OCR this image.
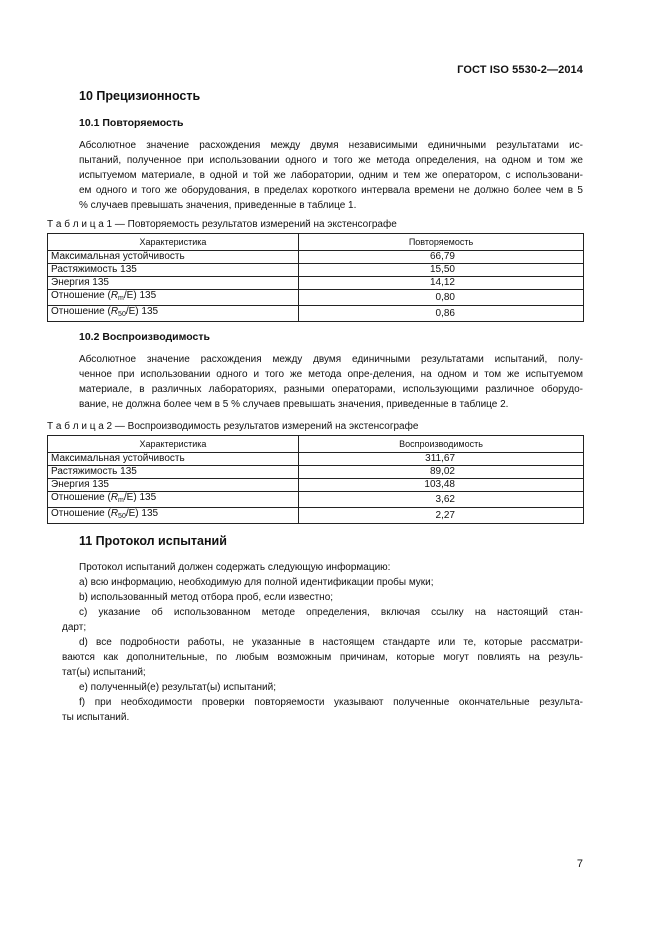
ГОСТ ISO 5530-2—2014
10 Прецизионность
10.1 Повторяемость
Абсолютное значение расхождения между двумя независимыми единичными результатами ис-
пытаний, полученное при использовании одного и того же метода определения, на одном и том же
испытуемом материале, в одной и той же лаборатории, одним и тем же оператором, с использовани-
ем одного и того же оборудования, в пределах короткого интервала времени не должно более чем в 5
% случаев превышать значения, приведенные в таблице 1.
Т а б л и ц а 1 — Повторяемость результатов измерений на экстенсографе
Характеристика	Повторяемость
Максимальная устойчивость	66,79
Растяжимость 135	15,50
Энергия 135	14,12
Отношение $(R_m/E)$ 135	0,80
Отношение $(R_{50}/E)$ 135	0,86
10.2 Воспроизводимость
Абсолютное значение расхождения между двумя единичными результатами испытаний, полу-
ченное при использовании одного и того же метода опре-деления, на одном и том же испытуемом
материале, в различных лабораториях, разными операторами, использующими различное оборудо-
вание, не должна более чем в 5 % случаев превышать значения, приведенные в таблице 2.
Т а б л и ц а 2 — Воспроизводимость результатов измерений на экстенсографе
Характеристика	Воспроизводимость
Максимальная устойчивость	311,67
Растяжимость 135	89,02
Энергия 135	103,48
Отношение $(R_m/E)$ 135	3,62
Отношение $(R_{50}/E)$ 135	2,27
11 Протокол испытаний
Протокол испытаний должен содержать следующую информацию:
a) всю информацию, необходимую для полной идентификации пробы муки;
b) использованный метод отбора проб, если известно;
c) указание об использованном методе определения, включая ссылку на настоящий стан-
дарт;
d) все подробности работы, не указанные в настоящем стандарте или те, которые рассматри-
ваются как дополнительные, по любым возможным причинам, которые могут повлиять на резуль-
тат(ы) испытаний;
e) полученный(е) результат(ы) испытаний;
f) при необходимости проверки повторяемости указывают полученные окончательные результа-
ты испытаний.
7
